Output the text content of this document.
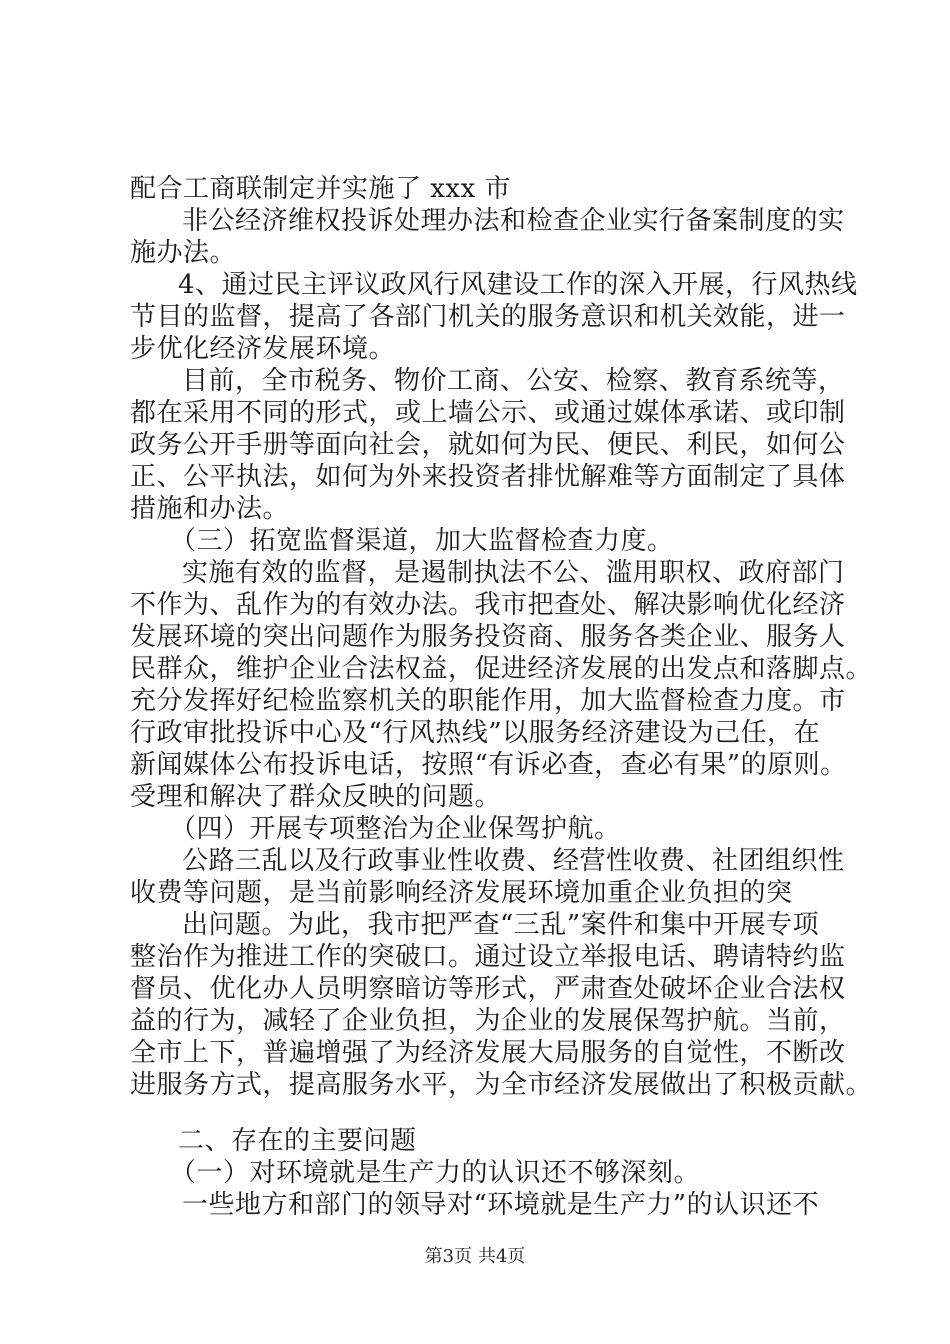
配合工商联制定并实施了 xxx 市
非公经济维权投诉处理办法和检查企业实行备案制度的实
施办法。
4、通过民主评议政风行风建设工作的深入开展，行风热线
节目的监督，提高了各部门机关的服务意识和机关效能，进一
步优化经济发展环境。
目前，全市税务、物价工商、公安、检察、教育系统等，
都在采用不同的形式，或上墙公示、或通过媒体承诺、或印制
政务公开手册等面向社会，就如何为民、便民、利民，如何公
正、公平执法，如何为外来投资者排忧解难等方面制定了具体
措施和办法。
（三）拓宽监督渠道，加大监督检查力度。
实施有效的监督，是遏制执法不公、滥用职权、政府部门
不作为、乱作为的有效办法。我市把查处、解决影响优化经济
发展环境的突出问题作为服务投资商、服务各类企业、服务人
民群众，维护企业合法权益，促进经济发展的出发点和落脚点。
充分发挥好纪检监察机关的职能作用，加大监督检查力度。市
行政审批投诉中心及“行风热线”以服务经济建设为己任，在
新闻媒体公布投诉电话，按照“有诉必查，查必有果”的原则。
受理和解决了群众反映的问题。
（四）开展专项整治为企业保驾护航。
公路三乱以及行政事业性收费、经营性收费、社团组织性
收费等问题，是当前影响经济发展环境加重企业负担的突
出问题。为此，我市把严查“三乱”案件和集中开展专项
整治作为推进工作的突破口。通过设立举报电话、聘请特约监
督员、优化办人员明察暗访等形式，严肃查处破坏企业合法权
益的行为，减轻了企业负担，为企业的发展保驾护航。当前，
全市上下，普遍增强了为经济发展大局服务的自觉性，不断改
进服务方式，提高服务水平，为全市经济发展做出了积极贡献。
二、存在的主要问题
（一）对环境就是生产力的认识还不够深刻。
一些地方和部门的领导对“环境就是生产力”的认识还不
第3页 共4页
